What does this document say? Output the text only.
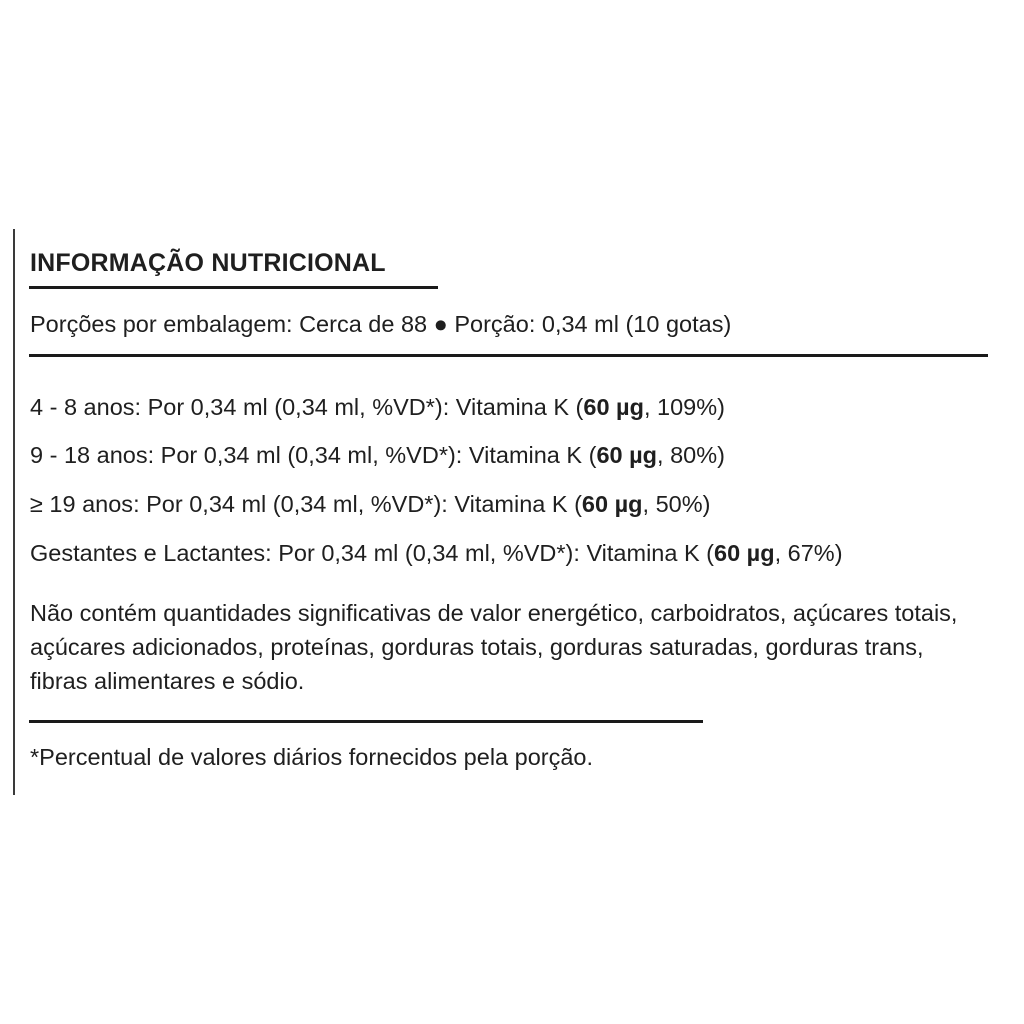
INFORMAÇÃO NUTRICIONAL

Porções por embalagem: Cerca de 88 ● Porção: 0,34 ml (10 gotas)

4 - 8 anos: Por 0,34 ml (0,34 ml, %VD*): Vitamina K (60 µg, 109%)

9 - 18 anos: Por 0,34 ml (0,34 ml, %VD*): Vitamina K (60 µg, 80%)

≥ 19 anos: Por 0,34 ml (0,34 ml, %VD*): Vitamina K (60 µg, 50%)

Gestantes e Lactantes: Por 0,34 ml (0,34 ml, %VD*): Vitamina K (60 µg, 67%)

Não contém quantidades significativas de valor energético, carboidratos, açúcares totais, açúcares adicionados, proteínas, gorduras totais, gorduras saturadas, gorduras trans, fibras alimentares e sódio.

*Percentual de valores diários fornecidos pela porção.
